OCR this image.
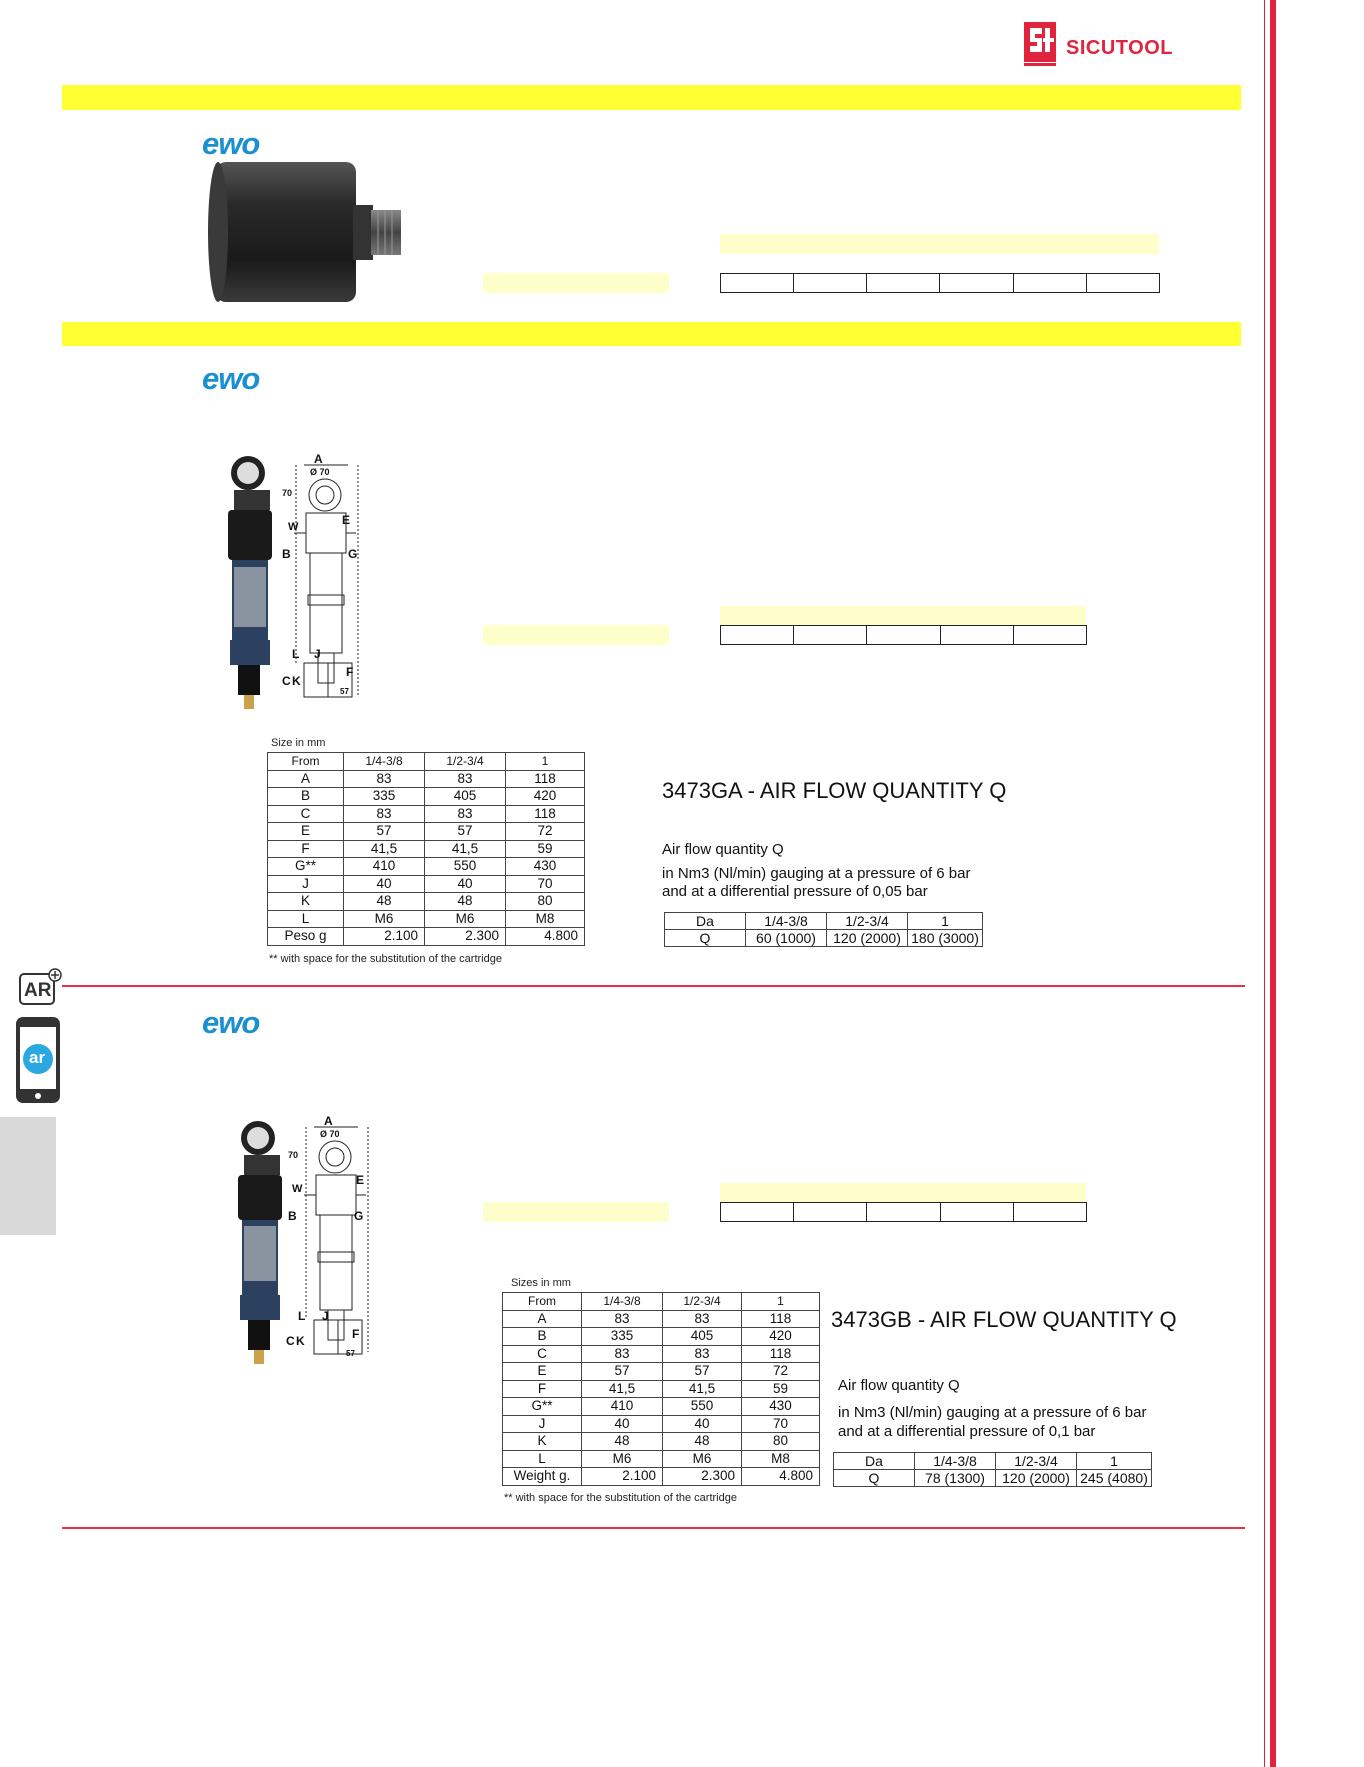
SICUTOOL
ewo

ewo
A
Ø 70
70
W	E
B	G
L J
C K
F
57

Size in mm
From	1/4-3/8	1/2-3/4	1
A	83	83	118
B	335	405	420
C	83	83	118
E	57	57	72
F	41,5	41,5	59
G**	410	550	430
J	40	40	70
K	48	48	80
L	M6	M6	M8
Peso g	2.100	2.300	4.800
** with space for the substitution of the cartridge
3473GA - AIR FLOW QUANTITY Q
Air flow quantity Q
in Nm3 (Nl/min) gauging at a pressure of 6 bar
and at a differential pressure of 0,05 bar
Da	1/4-3/8	1/2-3/4	1
Q	60 (1000)	120 (2000)	180 (3000)
AR
ar
ewo
A
Ø 70
70
W
E
B	G
L J
C K	F
57

Sizes in mm
From	1/4-3/8	1/2-3/4	1
A	83	83	118
B	335	405	420
C	83	83	118
E	57	57	72
F	41,5	41,5	59
G**	410	550	430
J	40	40	70
K	48	48	80
L	M6	M6	M8
Weight g.	2.100	2.300	4.800
** with space for the substitution of the cartridge
3473GB - AIR FLOW QUANTITY Q
Air flow quantity Q
in Nm3 (Nl/min) gauging at a pressure of 6 bar
and at a differential pressure of 0,1 bar
Da	1/4-3/8	1/2-3/4	1
Q	78 (1300)	120 (2000)	245 (4080)
